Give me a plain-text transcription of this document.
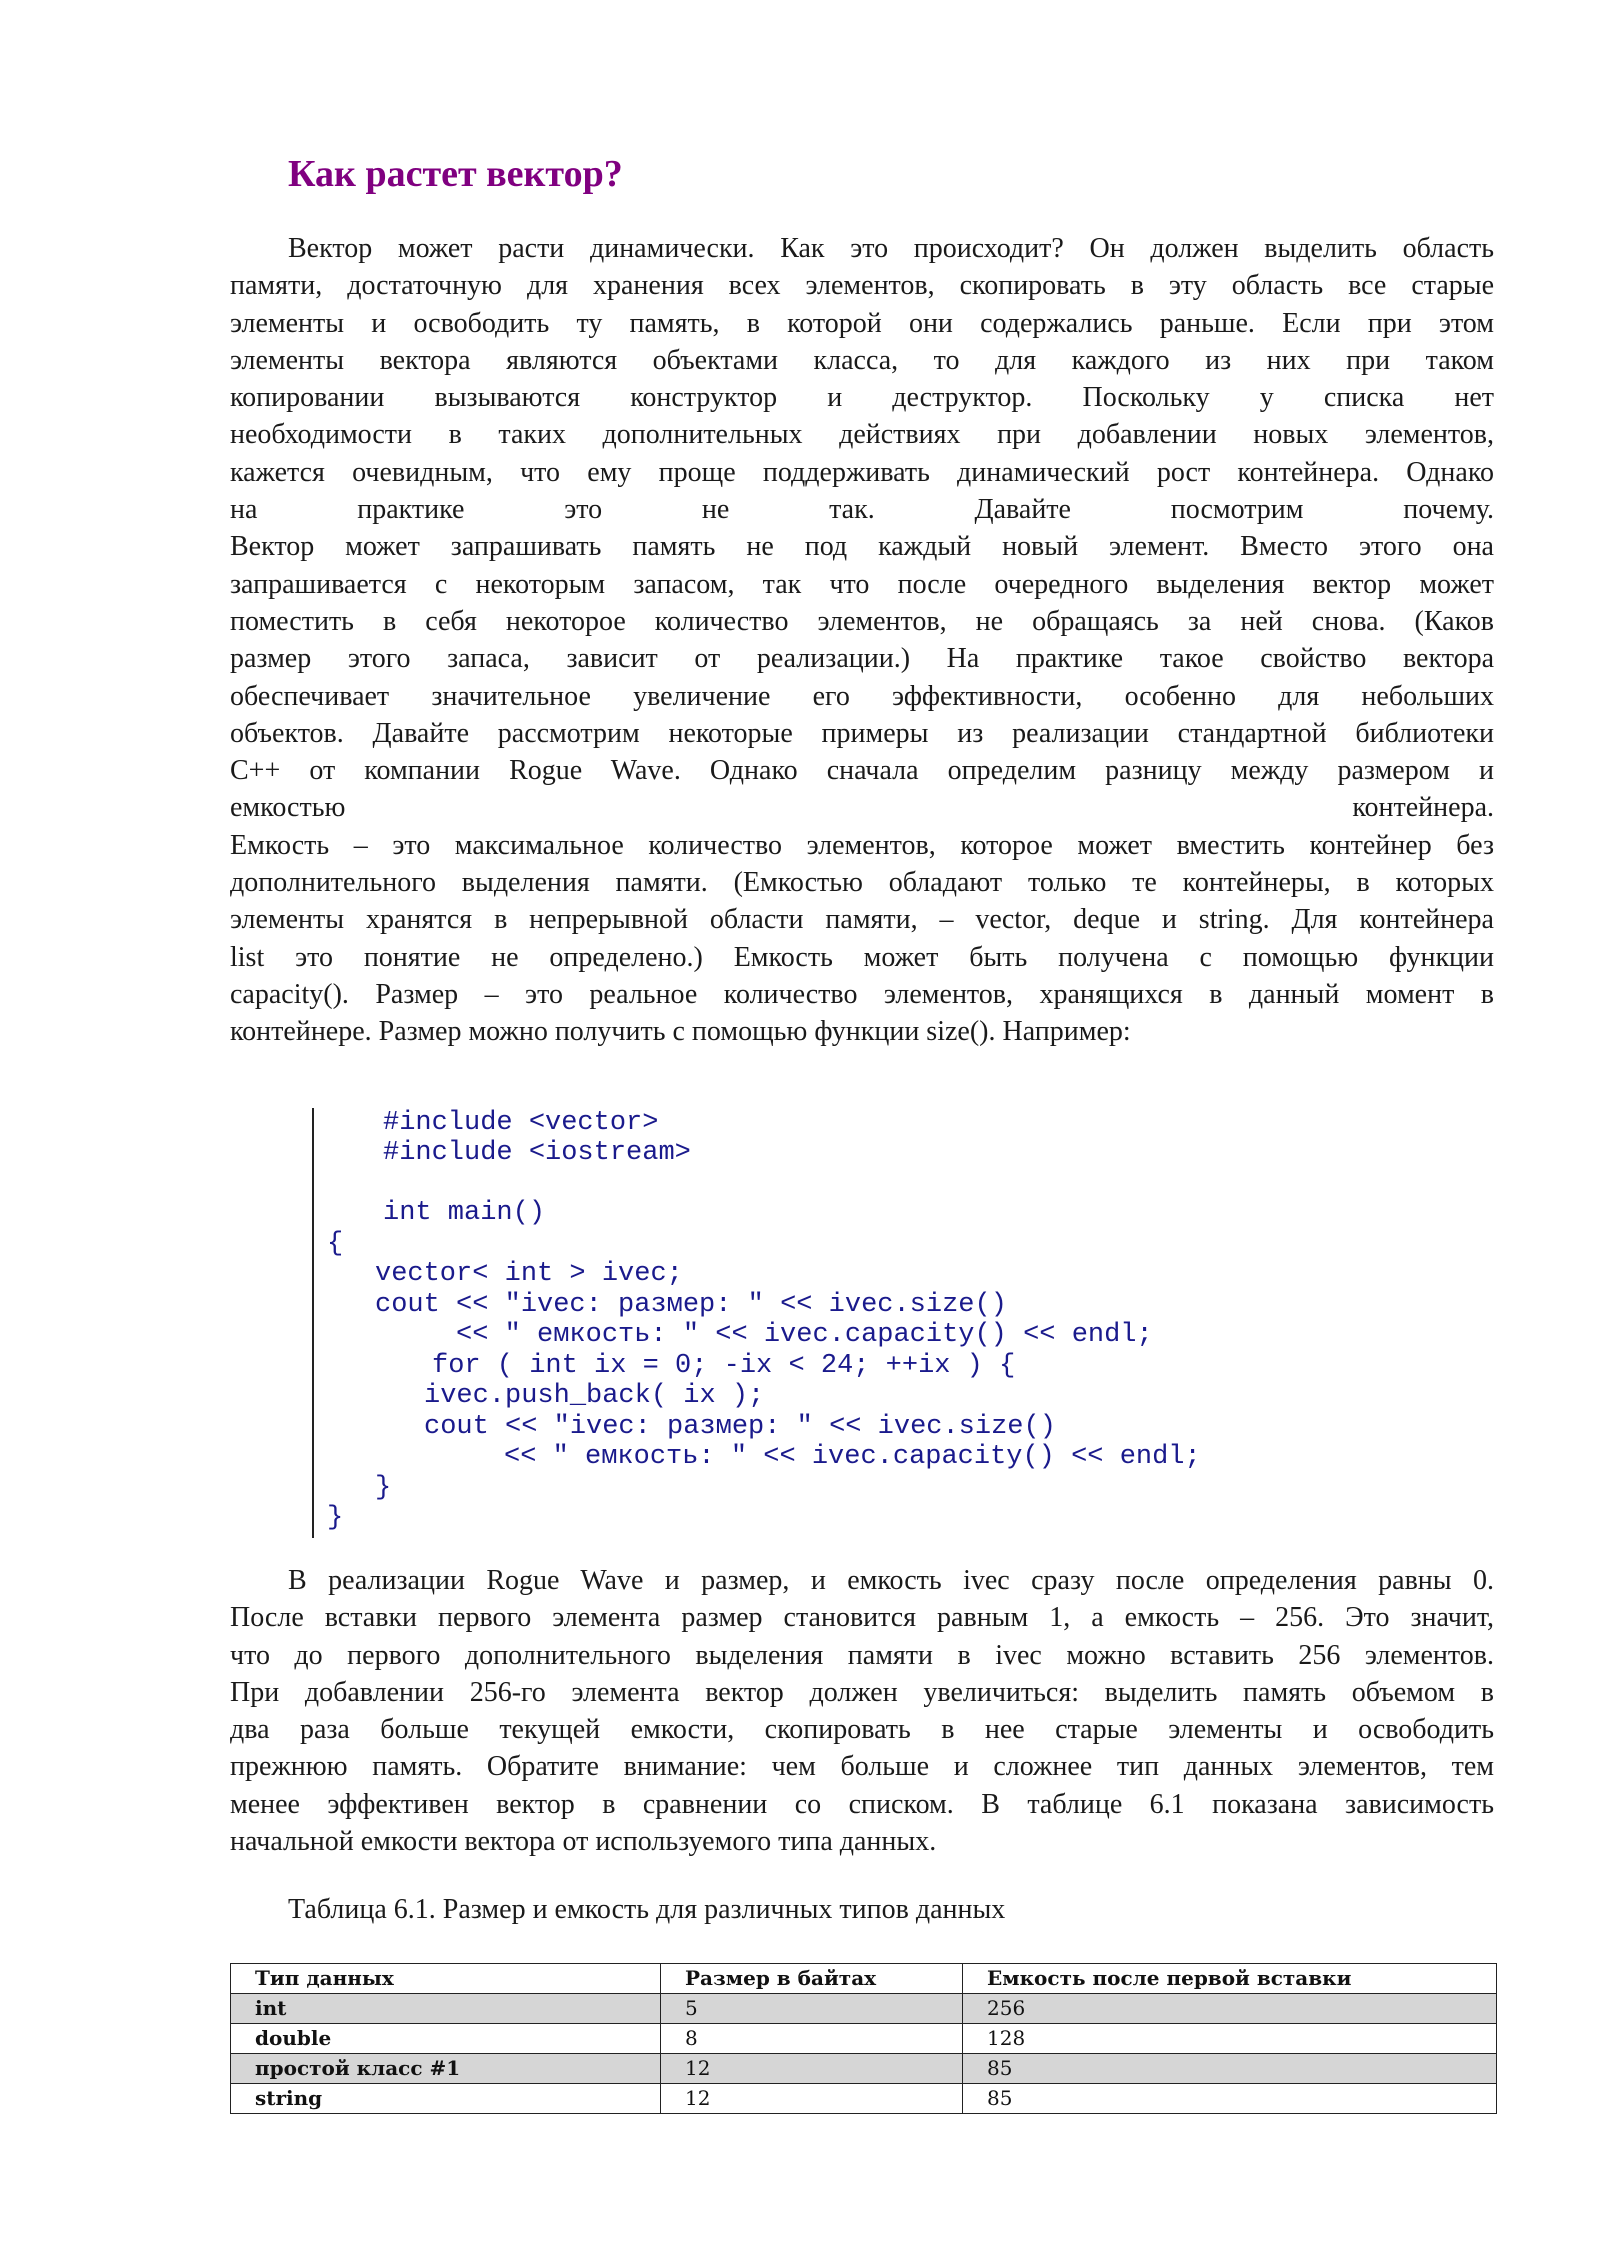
Как растет вектор?
Вектор может расти динамически. Как это происходит? Он должен выделить область
памяти, достаточную для хранения всех элементов, скопировать в эту область все старые
элементы и освободить ту память, в которой они содержались раньше. Если при этом
элементы вектора являются объектами класса, то для каждого из них при таком
копировании вызываются конструктор и деструктор. Поскольку у списка нет
необходимости в таких дополнительных действиях при добавлении новых элементов,
кажется очевидным, что ему проще поддерживать динамический рост контейнера. Однако
на практике это не так. Давайте посмотрим почему.
Вектор может запрашивать память не под каждый новый элемент. Вместо этого она
запрашивается с некоторым запасом, так что после очередного выделения вектор может
поместить в себя некоторое количество элементов, не обращаясь за ней снова. (Каков
размер этого запаса, зависит от реализации.) На практике такое свойство вектора
обеспечивает значительное увеличение его эффективности, особенно для небольших
объектов. Давайте рассмотрим некоторые примеры из реализации стандартной библиотеки
C++ от компании Rogue Wave. Однако сначала определим разницу между размером и
емкостью контейнера.
Емкость – это максимальное количество элементов, которое может вместить контейнер без
дополнительного выделения памяти. (Емкостью обладают только те контейнеры, в которых
элементы хранятся в непрерывной области памяти, – vector, deque и string. Для контейнера
list это понятие не определено.) Емкость может быть получена с помощью функции
capacity(). Размер – это реальное количество элементов, хранящихся в данный момент в
контейнере. Размер можно получить с помощью функции size(). Например:
#include <vector>
#include <iostream>
int main()
{
vector< int > ivec;
cout << "ivec: размер: " << ivec.size()
<< " емкость: " << ivec.capacity() << endl;
for ( int ix = 0; -ix < 24; ++ix ) {
ivec.push_back( ix );
cout << "ivec: размер: " << ivec.size()
<< " емкость: " << ivec.capacity() << endl;
}
}
В реализации Rogue Wave и размер, и емкость ivec сразу после определения равны 0.
После вставки первого элемента размер становится равным 1, а емкость – 256. Это значит,
что до первого дополнительного выделения памяти в ivec можно вставить 256 элементов.
При добавлении 256-го элемента вектор должен увеличиться: выделить память объемом в
два раза больше текущей емкости, скопировать в нее старые элементы и освободить
прежнюю память. Обратите внимание: чем больше и сложнее тип данных элементов, тем
менее эффективен вектор в сравнении со списком. В таблице 6.1 показана зависимость
начальной емкости вектора от используемого типа данных.

Таблица 6.1. Размер и емкость для различных типов данных

Тип данных	Размер в байтах	Емкость после первой вставки
int	5	256
double	8	128
простой класс #1	12	85
string	12	85
